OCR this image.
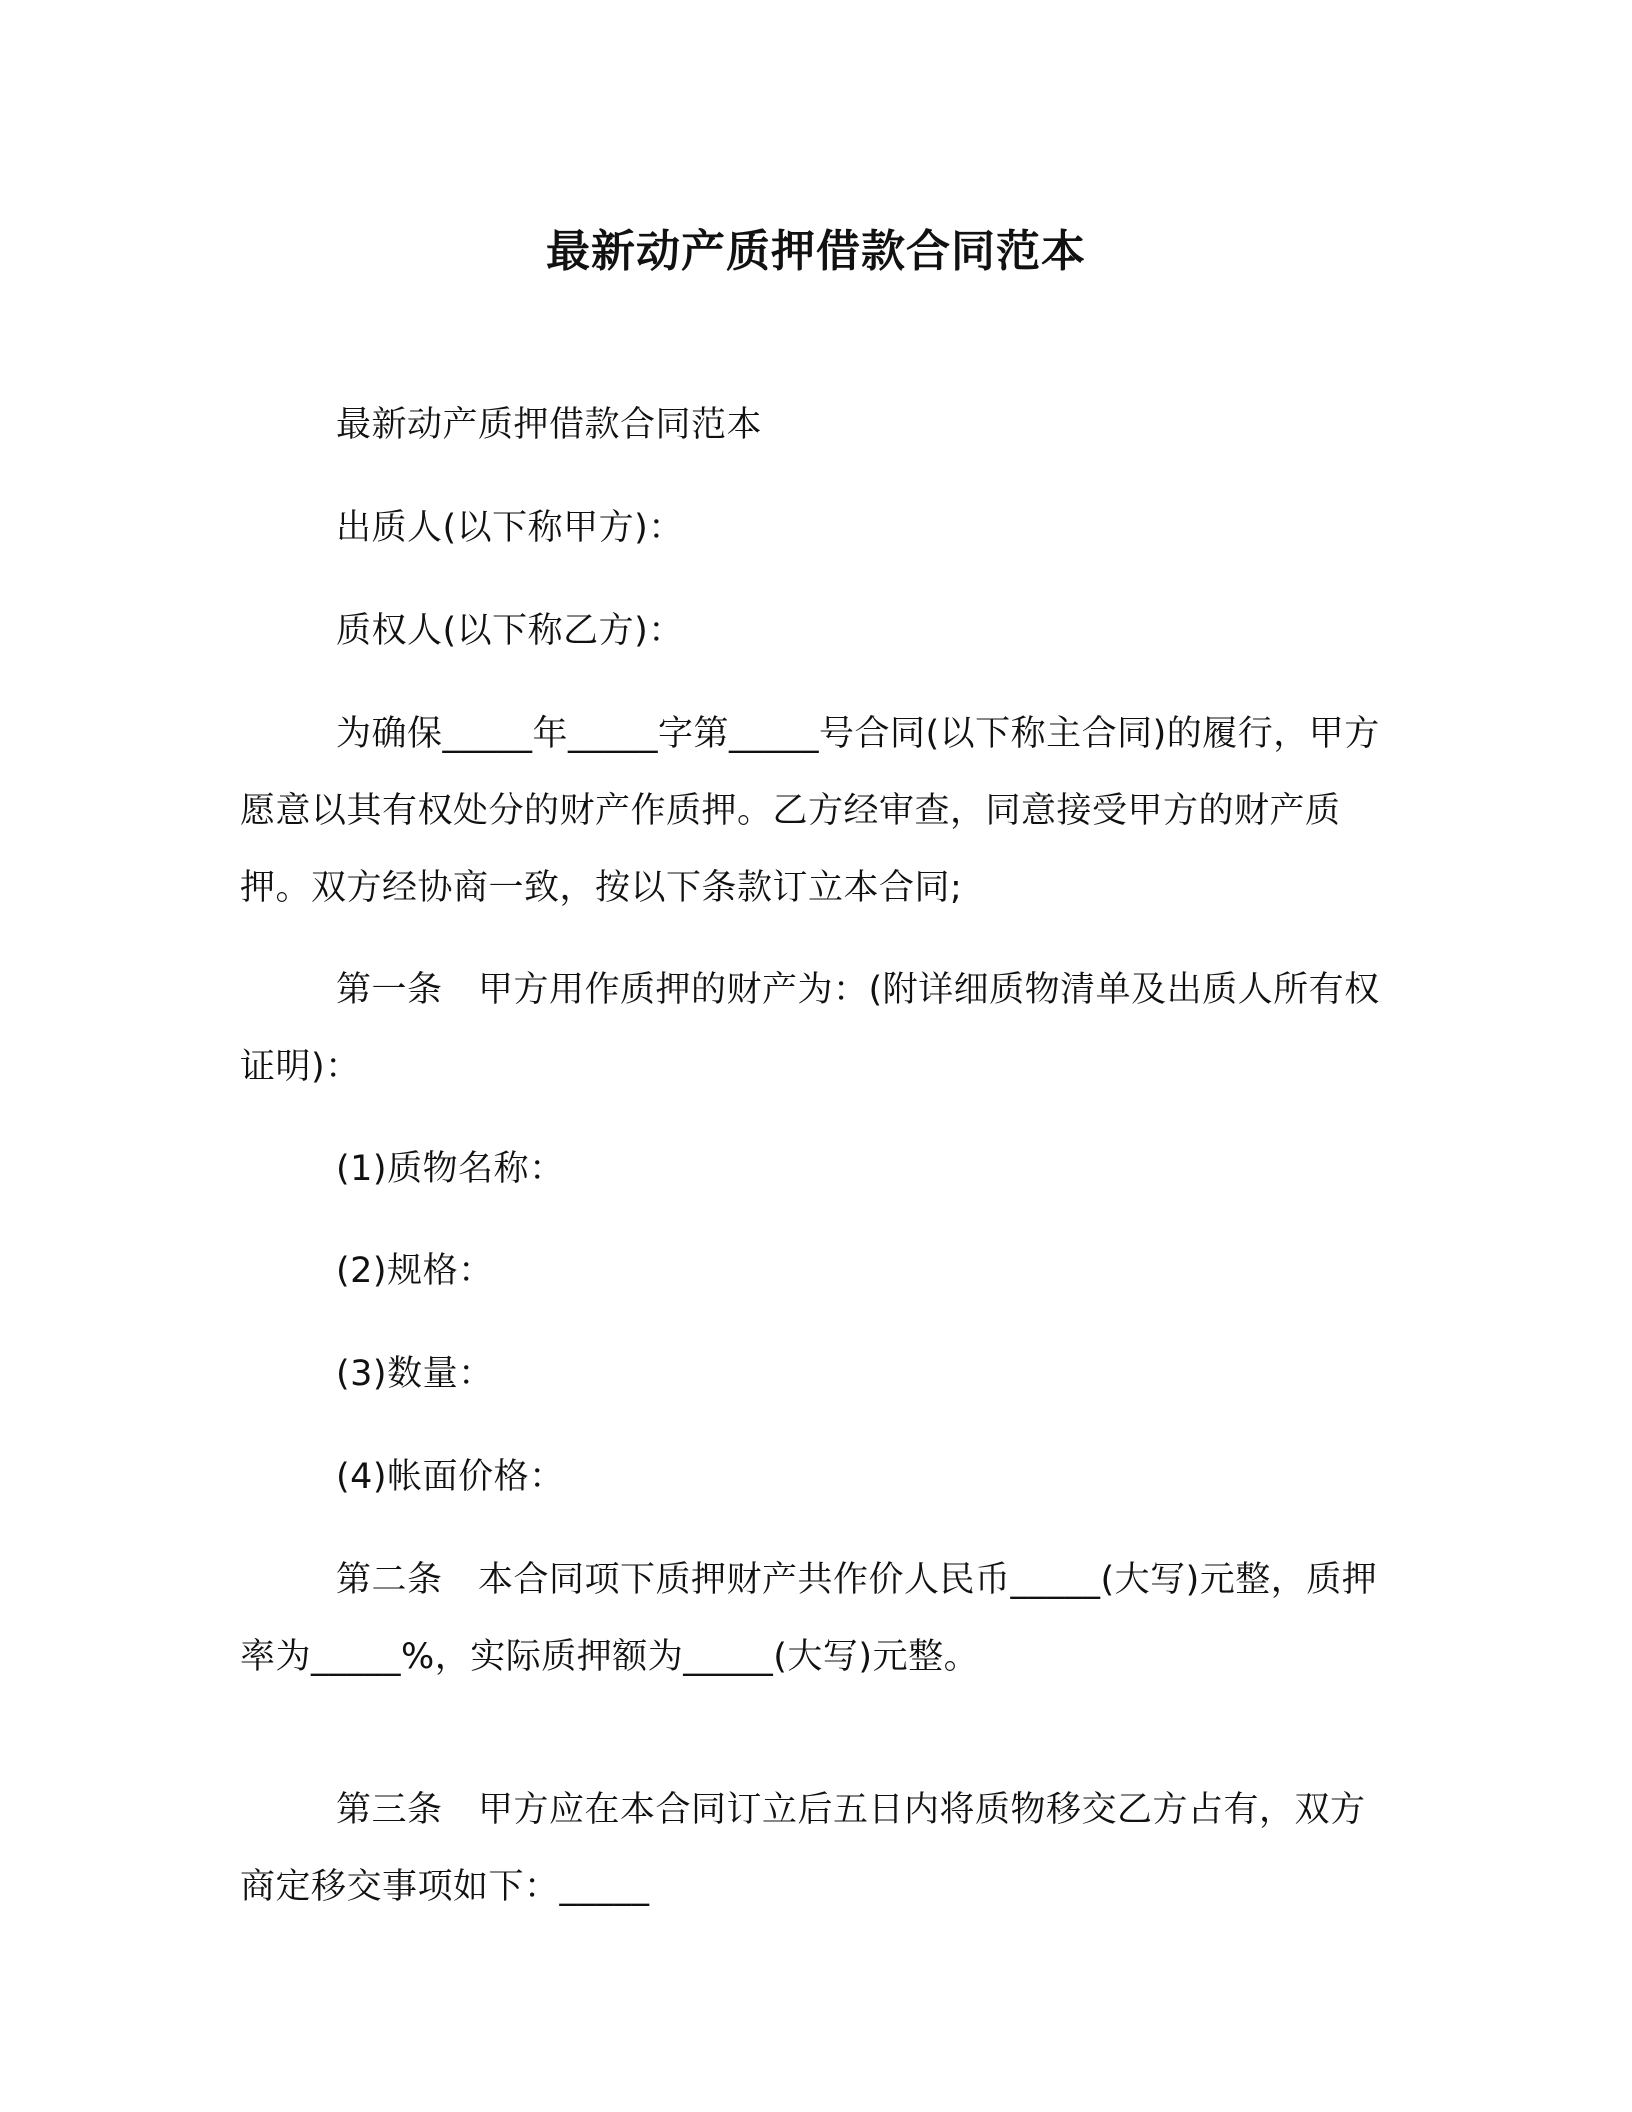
最新动产质押借款合同范本

最新动产质押借款合同范本

出质人(以下称甲方)：

质权人(以下称乙方)：

为确保_____年_____字第_____号合同(以下称主合同)的履行，甲方愿意以其有权处分的财产作质押。乙方经审查，同意接受甲方的财产质押。双方经协商一致，按以下条款订立本合同;

第一条　甲方用作质押的财产为：(附详细质物清单及出质人所有权证明)：

(1)质物名称：

(2)规格：

(3)数量：

(4)帐面价格：

第二条　本合同项下质押财产共作价人民币_____(大写)元整，质押率为_____%，实际质押额为_____(大写)元整。

第三条　甲方应在本合同订立后五日内将质物移交乙方占有，双方商定移交事项如下：_____
